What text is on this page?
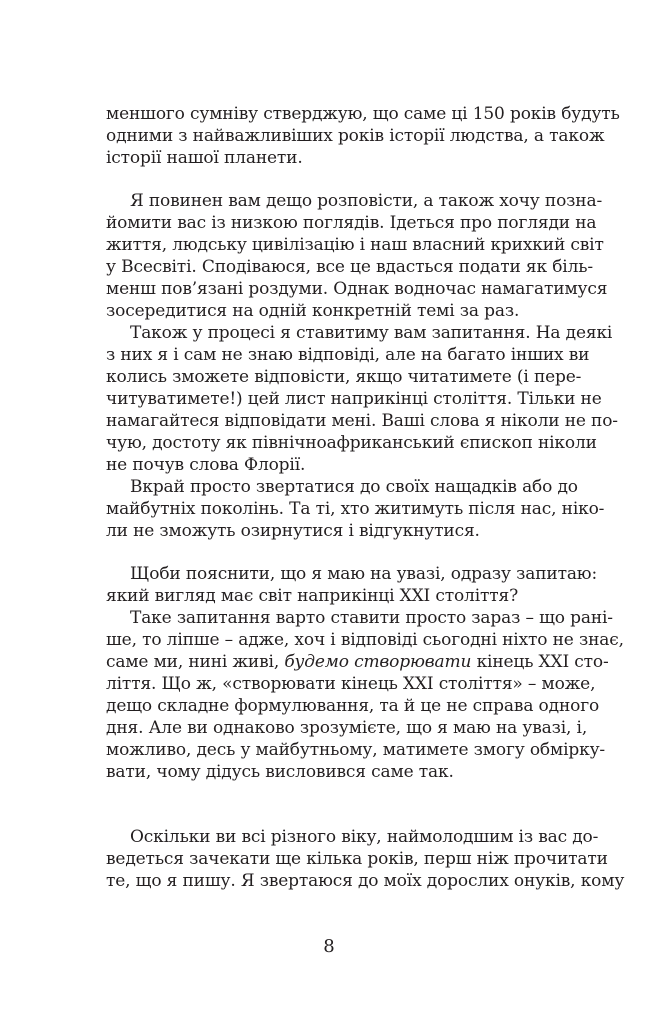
меншого сумніву стверджую, що саме ці 150 років будуть
одними з найважливіших років історії людства, а також
історії нашої планети.
Я повинен вам дещо розповісти, а також хочу позна-
йомити вас із низкою поглядів. Ідеться про погляди на
життя, людську цивілізацію і наш власний крихкий світ
у Всесвіті. Сподіваюся, все це вдасться подати як біль-
менш пов’язані роздуми. Однак водночас намагатимуся
зосередитися на одній конкретній темі за раз.
Також у процесі я ставитиму вам запитання. На деякі
з них я і сам не знаю відповіді, але на багато інших ви
колись зможете відповісти, якщо читатимете (і пере-
читуватимете!) цей лист наприкінці століття. Тільки не
намагайтеся відповідати мені. Ваші слова я ніколи не по-
чую, достоту як північноафриканський єпископ ніколи
не почув слова Флорії.
Вкрай просто звертатися до своїх нащадків або до
майбутніх поколінь. Та ті, хто житимуть після нас, ніко-
ли не зможуть озирнутися і відгукнутися.
Щоби пояснити, що я маю на увазі, одразу запитаю:
який вигляд має світ наприкінці XXI століття?
Таке запитання варто ставити просто зараз – що рані-
ше, то ліпше – адже, хоч і відповіді сьогодні ніхто не знає,
саме ми, нині живі, будемо створювати кінець XXI сто-
ліття. Що ж, «створювати кінець XXI століття» – може,
дещо складне формулювання, та й це не справа одного
дня. Але ви однаково зрозумієте, що я маю на увазі, і,
можливо, десь у майбутньому, матимете змогу обмірку-
вати, чому дідусь висловився саме так.
Оскільки ви всі різного віку, наймолодшим із вас до-
ведеться зачекати ще кілька років, перш ніж прочитати
те, що я пишу. Я звертаюся до моїх дорослих онуків, кому
8
